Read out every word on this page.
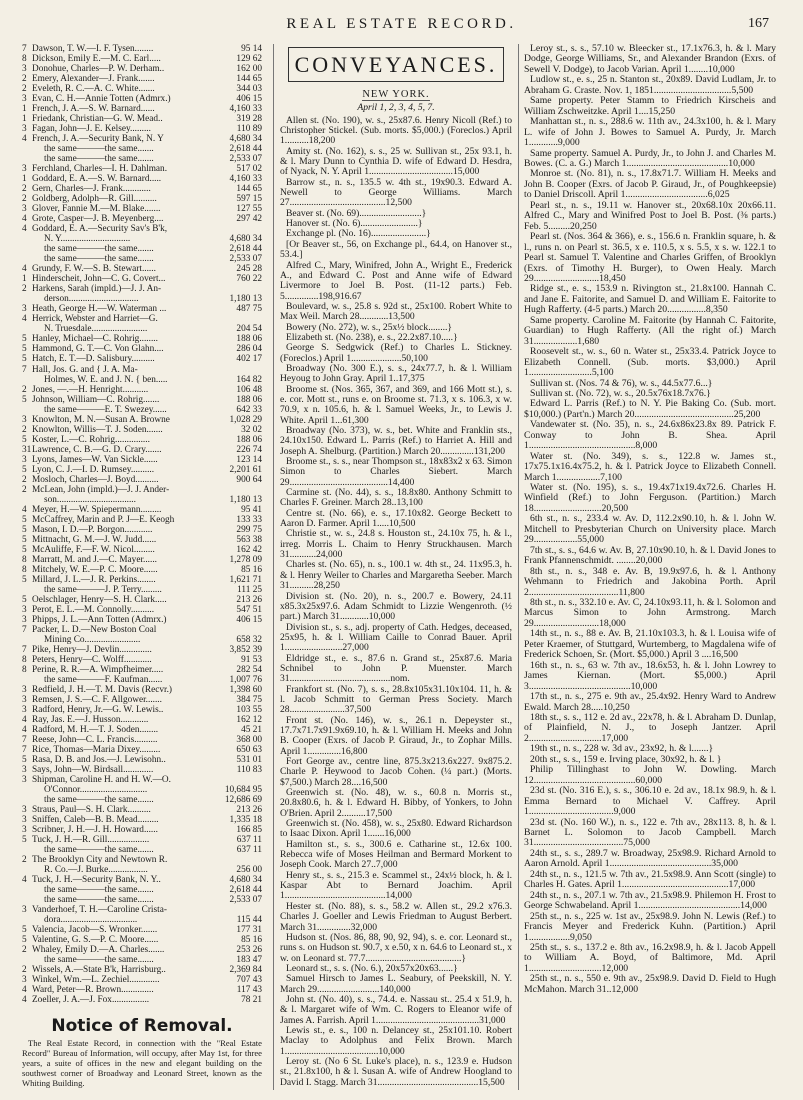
REAL ESTATE RECORD.	167
7 Dawson, T. W.—I. F. Tysen........	95 14
8 Dickson, Emily E.—M. C. Earl.....	129 62
3 Donohue, Charles—P. W. Derham..	162 00
2 Emery, Alexander—J. Frank.......	144 65
2 Eveleth, R. C.—A. C. White.......	344 03
3 Evan, C. H.—Annie Totten (Admrx.)	406 15
1 French, J. A.—S. W. Barnard......	4,160 33
1 Friedank, Christian—G. W. Mead..	319 28
3 Fagan, John—J. E. Kelsey.........	110 89
4 French, J. A.—Security Bank, N. Y	4,680 34
the same———the same.......	2,618 44
the same———the same.......	2,533 07
3 Ferchland, Charles—I. H. Dahlman.	517 02
1 Goddard, E. A.—S. W. Barnard.....	4,160 33
2 Gern, Charles—J. Frank............	144 65
2 Goldberg, Adolph—R. Gill..........	597 15
3 Glover, Fannie M.—M. Blake.......	127 55
4 Grote, Casper—J. B. Meyenberg....	297 42
4 Goddard, E. A.—Security Sav's B'k,
N. Y..............................	4,680 34
the same———the same.......	2,618 44
the same———the same.......	2,533 07
4 Grundy, F. W.—S. B. Stewart......	245 28
1 Hinderscheit, John—C. G. Covert...	760 22
2 Harkens, Sarah (impld.)—J. J. An-
derson..............................	1,180 13
3 Heath, George H.—W. Waterman ...	487 75
4 Herrick, Webster and Harriet—G.
N. Truesdale........................	204 54
5 Hanley, Michael—C. Rohrig........	188 06
5 Hammond, G. T.—C. Von Glahn....	286 04
5 Hatch, E. T.—D. Salisbury..........	402 17
7 Hall, Jos. G. and { J. A. Ma-
Holmes, W. E. and J. N. { ben.....	164 82
2 Jones, —.—H. Henright...........	106 48
5 Johnson, William—C. Rohrig.......	188 06
the same———E. T. Swezey......	642 33
3 Knowlton, M. N.—Susan A. Browne	1,028 29
2 Knowlton, Willis—T. J. Soden.......	32 02
5 Koster, L.—C. Rohrig...............	188 06
31 Lawrence, C. B.—G. D. Crary.......	226 74
3 Lyons, James—W. Van Sickle......	123 14
5 Lyon, C. J.—I. D. Rumsey..........	2,201 61
2 Mosloch, Charles—J. Boyd..........	900 64
2 McLean, John (impld.)—J. J. Ander-
son..................................	1,180 13
4 Meyer, H.—W. Spiepermann.........	95 41
5 McCaffrey, Marin and P. J—E. Keogh	133 33
5 Mason, I. D.—P. Borgon............	299 75
5 Mittnacht, G. M.—J. W. Judd......	563 38
5 McAuliffe, F.—F. W. Nicol.........	162 42
8 Marratt, M. and J.—C. Mayer......	1,278 09
8 Mitchely, W. E.—P. C. Moore......	85 16
5 Millard, J. L.—J. R. Perkins........	1,621 71
the same———J. P. Terry.........	111 25
5 Oelschlager, Henry—S. H. Clark.....	213 26
3 Perot, E. L.—M. Connolly..........	547 51
3 Phipps, J. L.—Ann Totten (Admrx.)	406 15
7 Packer, L. D.—New Boston Coal
Mining Co........................	658 32
7 Pike, Henry—J. Devlin..............	3,852 39
8 Peters, Henry—C. Wolff............	91 53
8 Perine, R. R.—A. Wimpfheimer.....	282 54
the same———F. Kaufman......	1,007 76
3 Redfield, J. H.—T. M. Davis (Recvr.)	1,398 60
3 Remsen, J. S.—C. F. Allgower.......	384 75
3 Radford, Henry, Jr.—G. W. Lewis..	103 55
4 Ray, Jas. E.—J. Husson............	162 12
4 Radford, M. H.—T. J. Soden........	45 21
7 Reese, John—C. L. Francis..........	368 00
7 Rice, Thomas—Maria Dixey.........	650 63
5 Rasa, D. B. and Jos.—J. Lewisohn..	531 01
3 Says, John—W. Birdsall.............	110 83
3 Shipman, Caroline H. and H. W.—O.
O'Connor.............................	10,684 95
the same———the same.......	12,686 69
3 Straus, Paul—S. H. Clark..........	213 26
3 Sniffen, Caleb—B. B. Mead.........	1,335 18
3 Scribner, J. H.—J. H. Howard......	166 85
5 Tuck, J. H.—R. Gill..................	637 11
the same———the same.......	637 11
2 The Brooklyn City and Newtown R.
R. Co.—J. Burke.................	256 00
4 Tuck, J. H.—Security Bank, N. Y..	4,680 34
the same———the same.......	2,618 44
the same———the same.......	2,533 07
3 Vanderhoef, T. H.—Caroline Crista-
dora.................................	115 44
5 Valencia, Jacob—S. Wronker.......	177 31
5 Valentine, G. S.—P. C. Moore......	85 16
2 Whaley, Emily D.—A. Charles.......	253 26
the same———the same.......	183 47
2 Wissels, A.—State B'k, Harrisburg..	2,369 84
3 Winkel, Wm.—L. Zechiel.............	707 43
4 Ward, Peter—R. Brown..............	117 43
4 Zoeller, J. A.—J. Fox................	78 21
Notice of Removal.

The Real Estate Record, in connection with the "Real Estate Record" Bureau of Information, will occupy, after May 1st, for three years, a suite of offices in the new and elegant building on the southwest corner of Broadway and Leonard Street, known as the Whiting Building.

CONVEYANCES.
NEW YORK.
April 1, 2, 3, 4, 5, 7.

Allen st. (No. 190), w. s., 25x87.6. Henry Nicoll (Ref.) to Christopher Stickel. (Sub. morts. $5,000.) (Foreclos.) April 1..........18,200

Amity st. (No. 162), s. s., 25 w. Sullivan st., 25x 93.1, h. & l. Mary Dunn to Cynthia D. wife of Edward D. Hesdra, of Nyack, N. Y. April 1...................................15,000

Barrow st., n. s., 135.5 w. 4th st., 19x90.3. Edward A. Newell to George Williams. March 27........................................12,500

Beaver st. (No. 69)..........................}

Hanover st. (No. 6)........................}

Exchange pl. (No. 16).......................}

[Or Beaver st., 56, on Exchange pl., 64.4, on Hanover st., 53.4.]

Alfred C., Mary, Winifred, John A., Wright E., Frederick A., and Edward C. Post and Anne wife of Edward Livermore to Joel B. Post. (11-12 parts.) Feb. 5..............198,916.67

Boulevard, w. s., 25.8 s. 92d st., 25x100. Robert White to Max Weil. March 28............13,500

Bowery (No. 272), w. s., 25x½ block........}

Elizabeth st. (No. 238), e. s., 22.2x87.10.....}

George S. Sedgwick (Ref.) to Charles L. Stickney. (Foreclos.) April 1.....................50,100

Broadway (No. 300 E.), s. s., 24x77.7, h. & l. William Heyoug to John Gray. April 1..17,375

Broome st. (Nos. 365, 367, and 369, and 166 Mott st.), s. e. cor. Mott st., runs e. on Broome st. 71.3, x s. 106.3, x w. 70.9, x n. 105.6, h. & l. Samuel Weeks, Jr., to Lewis J. White. April 1...61,300

Broadway (No. 373), w. s., bet. White and Franklin sts., 24.10x150. Edward L. Parris (Ref.) to Harriet A. Hill and Joseph A. Shelburg. (Partition.) March 20..............131,200

Broome st., s. s., near Thompson st., 18x83x2 x 63. Simon Simon to Charles Siebert. March 29.........................................14,400

Carmine st. (No. 44), s. s., 18.8x80. Anthony Schmitt to Charles F. Greiner. March 28..13,100

Centre st. (No. 66), e. s., 17.10x82. George Beckett to Aaron D. Farmer. April 1.....10,500

Christie st., w. s., 24.8 s. Houston st., 24.10x 75, h. & l., irreg. Morris L. Chaim to Henry Struckhausen. March 31...........24,000

Charles st. (No. 65), n. s., 100.1 w. 4th st., 24. 11x95.3, h. & l. Henry Weiler to Charles and Margaretha Seeber. March 31..........28,250

Division st. (No. 20), n. s., 200.7 e. Bowery, 24.11 x85.3x25x97.6. Adam Schmidt to Lizzie Wengenroth. (½ part.) March 31............10,000

Division st., s. s., adj. property of Cath. Hedges, deceased, 25x95, h. & l. William Caille to Conrad Bauer. April 1........................27,000

Eldridge st., e. s., 87.6 n. Grand st., 25x87.6. Maria Schnibel to John P. Muenster. March 31..........................................nom.

Frankfort st. (No. 7), s. s., 28.8x105x31.10x104. 11, h. & l. Jacob Schmitt to German Press Society. March 28.......................37,500

Front st. (No. 146), w. s., 26.1 n. Depeyster st., 17.7x71.7x91.9x69.10, h. & l. William H. Meeks and John B. Cooper (Exrs. of Jacob P. Giraud, Jr., to Zophar Mills. April 1..............16,800

Fort George av., centre line, 875.3x213.6x227. 9x875.2. Charle P. Heywood to Jacob Cohen. (¼ part.) (Morts. $7,500.) March 28....16,500

Greenwich st. (No. 48), w. s., 60.8 n. Morris st., 20.8x80.6, h. & l. Edward H. Bibby, of Yonkers, to John O'Brien. April 2..........17,500

Greenwich st. (No. 458), w. s., 25x80. Edward Richardson to Isaac Dixon. April 1.......16,000

Hamilton st., s. s., 300.6 e. Catharine st., 12.6x 100. Rebecca wife of Moses Heilman and Bermard Morkent to Joseph Cook. March 27..7,000

Henry st., s. s., 215.3 e. Scammel st., 24x½ block, h. & l. Kaspar Abt to Bernard Joachim. April 1..........................................14,000

Hester st. (No. 88), s. s., 58.2 w. Allen st., 29.2 x76.3. Charles J. Goeller and Lewis Friedman to August Berbert. March 31..............32,000

Hudson st. (Nos. 86, 88, 90, 92, 94), s. e. cor. Leonard st., runs s. on Hudson st. 90.7, x e.50, x n. 64.6 to Leonard st., x w. on Leonard st. 77.7........................................}

Leonard st., s. s. (No. 6.), 20x57x20x63......}

Samuel Hirsch to James L. Seabury, of Peekskill, N. Y. March 29..........................140,000

John st. (No. 40), s. s., 74.4. e. Nassau st.. 25.4 x 51.9, h. & l. Margaret wife of Wm. C. Rogers to Eleanor wife of James A. Farrish. April 1...........................................31,000

Lewis st., e. s., 100 n. Delancey st., 25x101.10. Robert Maclay to Adolphus and Felix Brown. March 1.......................................10,000

Leroy st. (No 6 St. Luke's place), n. s., 123.9 e. Hudson st., 21.8x100, h & l. Susan A. wife of Andrew Hoogland to David I. Stagg. March 31..........................................15,500

Leroy st., s. s., 57.10 w. Bleecker st., 17.1x76.3, h. & l. Mary Dodge, George Williams, Sr., and Alexander Brandon (Exrs. of Sewell V. Dodge), to Jacob Varian. April 1........10,000

Ludlow st., e. s., 25 n. Stanton st., 20x89. David Ludlam, Jr. to Abraham G. Craste. Nov. 1, 1851................................5,500

Same property. Peter Stamm to Friedrich Kirscheis and William Zschweitzke. April 1....15,250

Manhattan st., n. s., 288.6 w. 11th av., 24.3x100, h. & l. Mary L. wife of John J. Bowes to Samuel A. Purdy, Jr. March 1............9,000

Same property. Samuel A. Purdy, Jr., to John J. and Charles M. Bowes. (C. a. G.) March 1..........................................10,000

Monroe st. (No. 81), n. s., 17.8x71.7. William H. Meeks and John B. Cooper (Exrs. of Jacob P. Giraud, Jr., of Poughkeepsie) to Daniel Driscoll. April 1..................................6,025

Pearl st., n. s., 19.11 w. Hanover st., 20x68.10x 20x66.11. Alfred C., Mary and Winifred Post to Joel B. Post. (⅜ parts.) Feb. 5.........20,250

Pearl st. (Nos. 364 & 366), e. s., 156.6 n. Franklin square, h. & l., runs n. on Pearl st. 36.5, x e. 110.5, x s. 5.5, x s. w. 122.1 to Pearl st. Samuel T. Valentine and Charles Griffen, of Brooklyn (Exrs. of Timothy H. Burger), to Owen Healy. March 29...........................18,450

Ridge st., e. s., 153.9 n. Rivington st., 21.8x100. Hannah C. and Jane E. Faitorite, and Samuel D. and William E. Faitorite to Hugh Rafferty. (4-5 parts.) March 20................8,350

Same property. Caroline M. Faitorite (by Hannah C. Faitorite, Guardian) to Hugh Rafferty. (All the right of.) March 31..................1,680

Roosevelt st., w. s., 60 n. Water st., 25x33.4. Patrick Joyce to Elizabeth Connell. (Sub. morts. $3,000.) April 1..........................5,100

Sullivan st. (Nos. 74 & 76), w. s., 44.5x77.6...}

Sullivan st. (No. 72), w. s., 20.5x76x18.7x76.}

Edward L. Parris (Ref.) to N. Y. Pie Baking Co. (Sub. mort. $10,000.) (Part'n.) March 20.........................................25,200

Vandewater st. (No. 35), n. s., 24.6x86x23.8x 89. Patrick F. Conway to John B. Shea. April 1............................................8,000

Water st. (No. 349), s. s., 122.8 w. James st., 17x75.1x16.4x75.2, h. & l. Patrick Joyce to Elizabeth Connell. March 1..................7,100

Water st. (No. 195), s. s., 19.4x71x19.4x72.6. Charles H. Winfield (Ref.) to John Ferguson. (Partition.) March 18............................20,500

6th st., n. s., 233.4 w. Av. D, 112.2x90.10, h. & l. John W. Mitchell to Presbyterian Church on University place. March 29..................55,000

7th st., s. s., 64.6 w. Av. B, 27.10x90.10, h. & l. David Jones to Frank Pfannenschmidt. ........20,000

8th st., n. s., 348 e. Av. B, 19.9x97.6, h. & l. Anthony Wehmann to Friedrich and Jakobina Porth. April 2.....................................11,800

8th st., n. s., 332.10 e. Av. C, 24.10x93.11, h. & l. Solomon and Marcus Simon to John Armstrong. March 29...........................18,000

14th st., n. s., 88 e. Av. B, 21.10x103.3, h. & l. Louisa wife of Peter Kraemer, of Stuttgard, Wurtemberg, to Magdalena wife of Frederick Schoen, Sr. (Mort. $5,000.) April 3 ....16,500

16th st., n. s., 63 w. 7th av., 18.6x53, h. & l. John Lowrey to James Kiernan. (Mort. $5,000.) April 3..........................................10,000

17th st., n. s., 275 e. 9th av., 25.4x92. Henry Ward to Andrew Ewald. March 28.....10,250

18th st., s. s., 112 e. 2d av., 22x78, h. & l. Abraham D. Dunlap, of Plainfield, N. J., to Joseph Jantzer. April 2..............................17,000

19th st., n. s., 228 w. 3d av., 23x92, h. & l.......}

20th st., s. s., 159 e. Irving place, 30x92, h. & l. }

Philip Tillinghast to John W. Dowling. March 12..........................................60,000

23d st. (No. 316 E.), s. s., 306.10 e. 2d av., 18.1x 98.9, h. & l. Emma Bernard to Michael V. Caffrey. April 1...................................9,000

23d st. (No. 160 W.), n. s., 122 e. 7th av., 28x113. 8, h. & l. Barnet L. Solomon to Jacob Campbell. March 31.....................................75,000

24th st., s. s., 289.7 w. Broadway, 25x98.9. Richard Arnold to Aaron Arnold. April 1..........................................35,000

24th st., n. s., 121.5 w. 7th av., 21.5x98.9. Ann Scott (single) to Charles H. Gates. April 1............................................17,000

24th st., n. s., 207.1 w. 7th av., 21.5x98.9. Philemon H. Frost to George Schwabeland. April 1..........................................14,000

25th st., n. s., 225 w. 1st av., 25x98.9. John N. Lewis (Ref.) to Francis Meyer and Frederick Kuhn. (Partition.) April 1.................9,050

25th st., s. s., 137.2 e. 8th av., 16.2x98.9, h. & l. Jacob Appell to William A. Boyd, of Baltimore, Md. April 1..............................12,000

25th st., n. s., 550 e. 9th av., 25x98.9. David D. Field to Hugh McMahon. March 31..12,000
